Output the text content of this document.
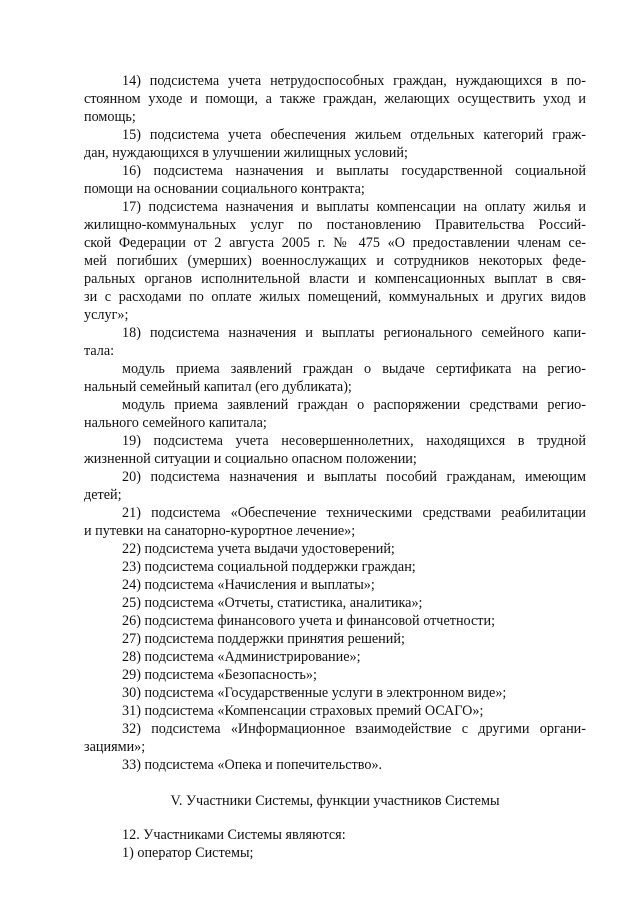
14) подсистема учета нетрудоспособных граждан, нуждающихся в по-
стоянном уходе и помощи, а также граждан, желающих осуществить уход и
помощь;
15) подсистема учета обеспечения жильем отдельных категорий граж-
дан, нуждающихся в улучшении жилищных условий;
16) подсистема назначения и выплаты государственной социальной
помощи на основании социального контракта;
17) подсистема назначения и выплаты компенсации на оплату жилья и
жилищно-коммунальных услуг по постановлению Правительства Россий-
ской Федерации от 2 августа 2005 г. № 475 «О предоставлении членам се-
мей погибших (умерших) военнослужащих и сотрудников некоторых феде-
ральных органов исполнительной власти и компенсационных выплат в свя-
зи с расходами по оплате жилых помещений, коммунальных и других видов
услуг»;
18) подсистема назначения и выплаты регионального семейного капи-
тала:
модуль приема заявлений граждан о выдаче сертификата на регио-
нальный семейный капитал (его дубликата);
модуль приема заявлений граждан о распоряжении средствами регио-
нального семейного капитала;
19) подсистема учета несовершеннолетних, находящихся в трудной
жизненной ситуации и социально опасном положении;
20) подсистема назначения и выплаты пособий гражданам, имеющим
детей;
21) подсистема «Обеспечение техническими средствами реабилитации
и путевки на санаторно-курортное лечение»;
22) подсистема учета выдачи удостоверений;
23) подсистема социальной поддержки граждан;
24) подсистема «Начисления и выплаты»;
25) подсистема «Отчеты, статистика, аналитика»;
26) подсистема финансового учета и финансовой отчетности;
27) подсистема поддержки принятия решений;
28) подсистема «Администрирование»;
29) подсистема «Безопасность»;
30) подсистема «Государственные услуги в электронном виде»;
31) подсистема «Компенсации страховых премий ОСАГО»;
32) подсистема «Информационное взаимодействие с другими органи-
зациями»;
33) подсистема «Опека и попечительство».
V. Участники Системы, функции участников Системы
12. Участниками Системы являются:
1) оператор Системы;
